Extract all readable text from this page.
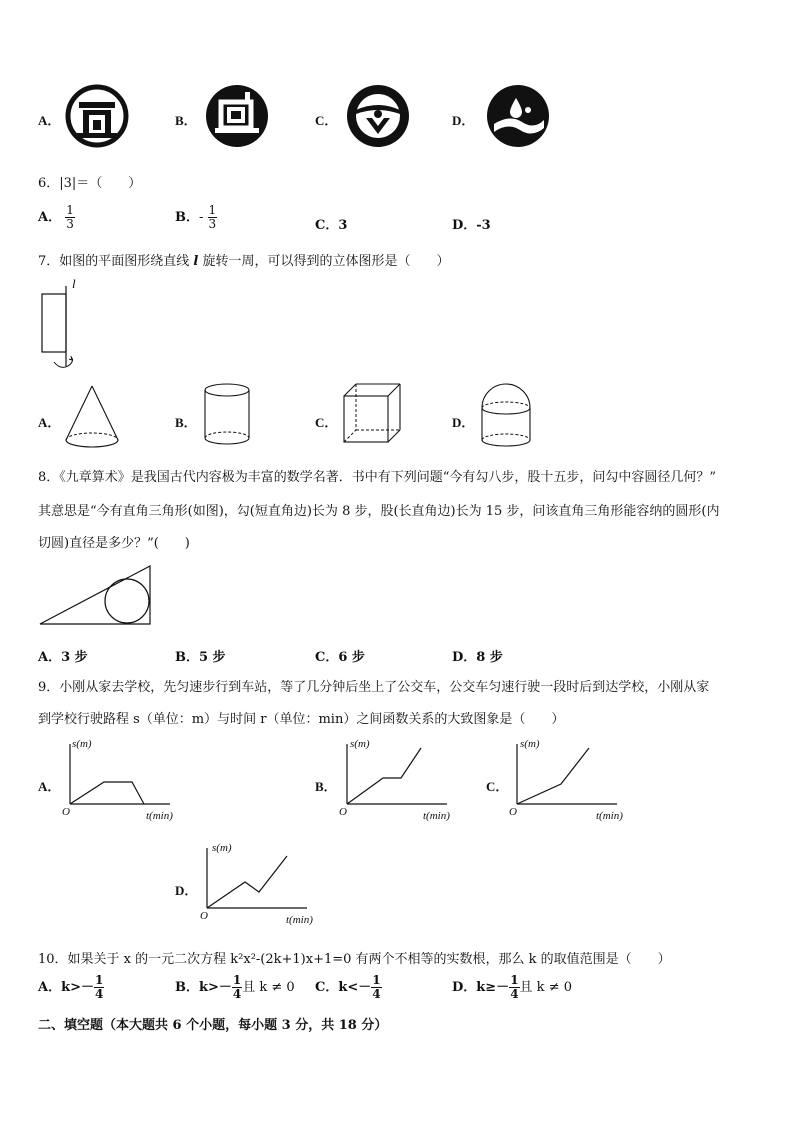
A．	B．	C．	D．
6．|3|＝（　　）
A． $\frac{1}{3}$	B．- $\frac{1}{3}$	C．3	D．-3
7．如图的平面图形绕直线 l 旋转一周，可以得到的立体图形是（　　）
l
A．	B．	C．	D．
8．《九章算术》是我国古代内容极为丰富的数学名著．书中有下列问题“今有勾八步，股十五步，问勾中容圆径几何？”
其意思是“今有直角三角形(如图)，勾(短直角边)长为 8 步，股(长直角边)长为 15 步，问该直角三角形能容纳的圆形(内
切圆)直径是多少？”(　　)
A．3 步	B．5 步	C．6 步	D．8 步
9．小刚从家去学校，先匀速步行到车站，等了几分钟后坐上了公交车，公交车匀速行驶一段时后到达学校，小刚从家
到学校行驶路程 s（单位：m）与时间 r（单位：min）之间函数关系的大致图象是（　　）
A．
s(m)
O	t(min)
B．
s(m)
O	t(min)
C．
s(m)
O	t(min)
D．
s(m)
O	t(min)
10．如果关于 x 的一元二次方程 k²x²-(2k+1)x+1=0 有两个不相等的实数根，那么 k 的取值范围是（　　）
A．$k>- \frac{1}{4}$	B．$k>- \frac{1}{4}$ 且 k ≠ 0 C．$k<- \frac{1}{4}$	D．$k\ge- \frac{1}{4}$ 且 k ≠ 0
二、填空题（本大题共 6 个小题，每小题 3 分，共 18 分）
